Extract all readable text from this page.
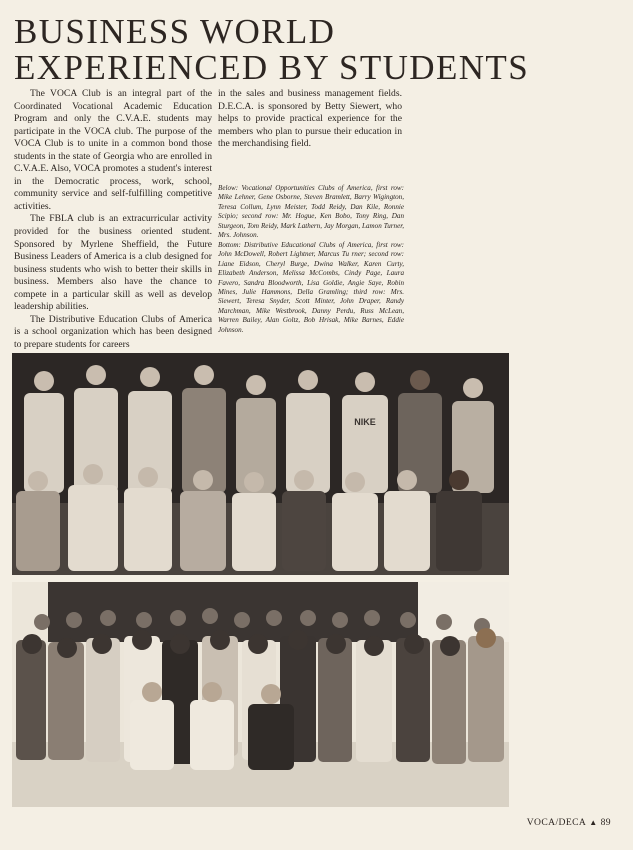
BUSINESS WORLD
EXPERIENCED BY STUDENTS

The VOCA Club is an integral part of the Coordinated Vocational Academic Education Program and only the C.V.A.E. students may participate in the VOCA club. The purpose of the VOCA Club is to unite in a common bond those students in the state of Georgia who are enrolled in C.V.A.E. Also, VOCA promotes a student's interest in the Democratic process, work, school, community service and self-fulfilling competitive activities.

The FBLA club is an extracurricular activity provided for the business oriented student. Sponsored by Myrlene Sheffield, the Future Business Leaders of America is a club designed for business students who wish to better their skills in business. Members also have the chance to compete in a particular skill as well as develop leadership abilities.

The Distributive Education Clubs of America is a school organization which has been designed to prepare students for careers

in the sales and business management fields. D.E.C.A. is sponsored by Betty Siewert, who helps to provide practical experience for the members who plan to pursue their education in the merchandising field.

Below: Vocational Opportunities Clubs of America, first row: Mike Lehner, Gene Osborne, Steven Bramlett, Barry Wigington, Teresa Collum, Lynn Meister, Todd Reidy, Dan Kile, Ronnie Scipio; second row: Mr. Hogue, Ken Bobo, Tony Ring, Dan Sturgeon, Tom Reidy, Mark Lathern, Jay Morgan, Lamon Turner, Mrs. Johnson.

Bottom: Distributive Educational Clubs of America, first row: John McDowell, Robert Lightner, Marcus Tu rner; second row: Liane Eidson, Cheryl Burge, Dwina Walker, Karen Curty, Elizabeth Anderson, Melissa McCombs, Cindy Page, Laura Favero, Sandra Bloodworth, Lisa Goldie, Angie Saye, Robin Mines, Julie Hammons, Della Gramling; third row: Mrs. Siewert, Teresa Snyder, Scott Minter, John Draper, Randy Marchman, Mike Westbrook, Danny Perdu, Russ McLean, Warren Bailey, Alan Goltz, Bob Hrisak, Mike Barnes, Eddie Johnson.

NIKE
VOCA/DECA ▲ 89
